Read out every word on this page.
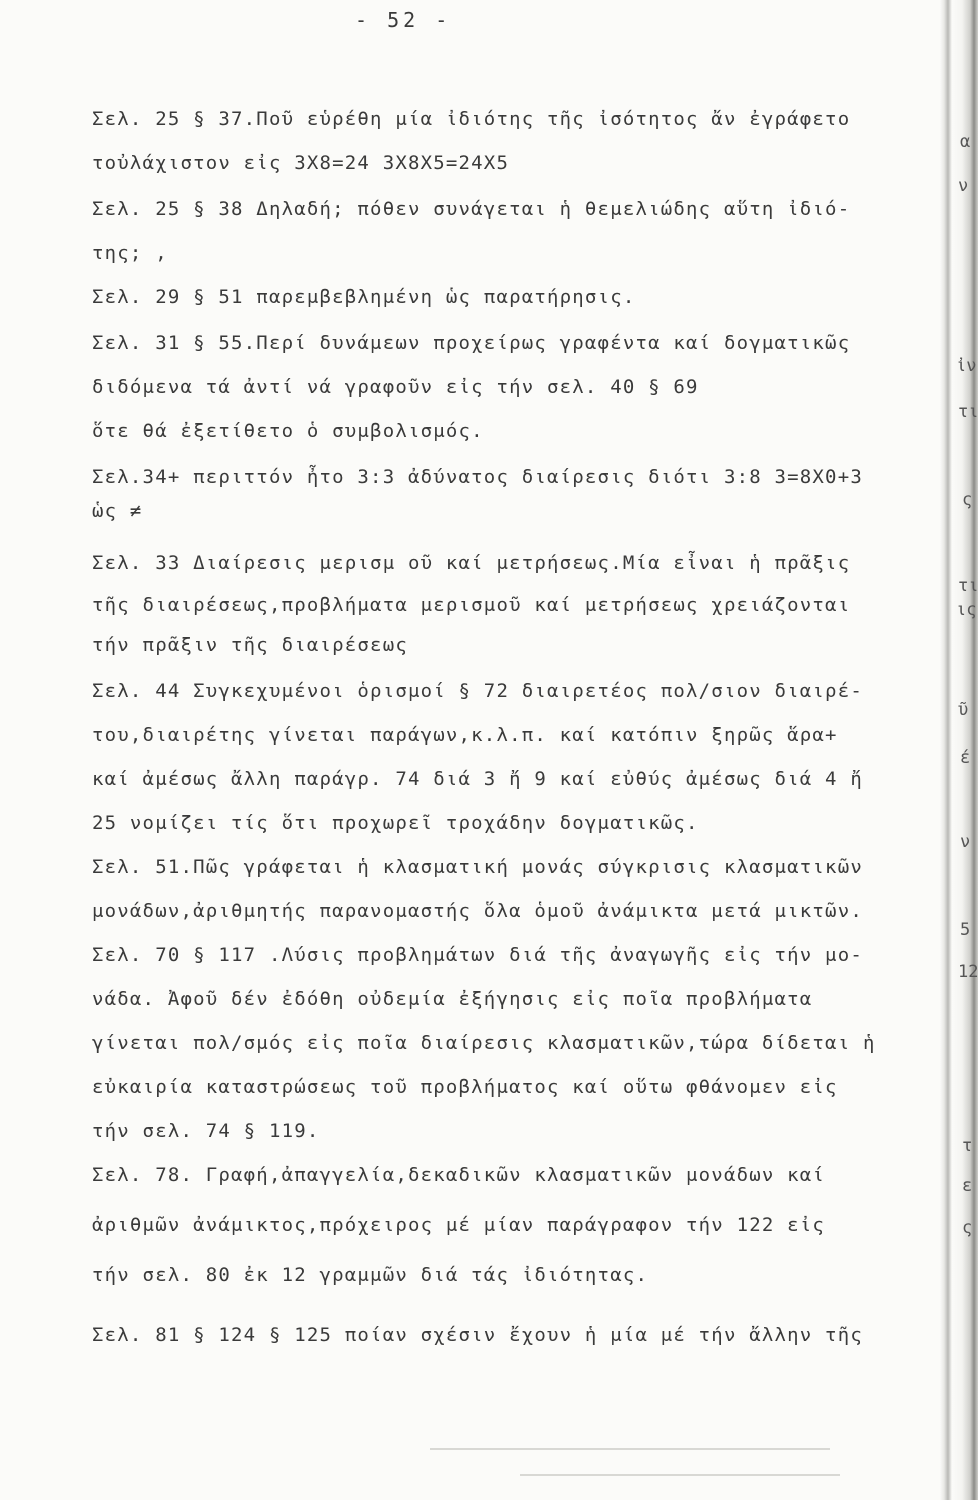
- 52 -
Σελ. 25 § 37.Ποῦ εὑρέθη μία ἰδιότης τῆς ἰσότητος ἄν ἐγράφετο
τοὐλάχιστον εἰς 3Χ8=24 3Χ8Χ5=24Χ5
Σελ. 25 § 38 Δηλαδή; πόθεν συνάγεται ἡ θεμελιώδης αὕτη ἰδιό-
της; ,
Σελ. 29 § 51 παρεμβεβλημένη ὡς παρατήρησις.
Σελ. 31 § 55.Περί δυνάμεων προχείρως γραφέντα καί δογματικῶς
διδόμενα τά ἀντί νά γραφοῦν εἰς τήν σελ. 40 § 69
ὅτε θά ἐξετίθετο ὁ συμβολισμός.
Σελ.34+ περιττόν ἦτο 3:3 ἀδύνατος διαίρεσις διότι 3:8 3=8Χ0+3
ὡς ≠
Σελ. 33 Διαίρεσις μερισμ οῦ καί μετρήσεως.Μία εἶναι ἡ πρᾶξις
τῆς διαιρέσεως,προβλήματα μερισμοῦ καί μετρήσεως χρειάζονται
τήν πρᾶξιν τῆς διαιρέσεως
Σελ. 44 Συγκεχυμένοι ὁρισμοί § 72 διαιρετέος πολ/σιον διαιρέ-
του,διαιρέτης γίνεται παράγων,κ.λ.π. καί κατόπιν ξηρῶς ἅρα+
καί ἀμέσως ἄλλη παράγρ. 74 διά 3 ἤ 9 καί εὐθύς ἀμέσως διά 4 ἤ
25 νομίζει τίς ὅτι προχωρεῖ τροχάδην δογματικῶς.
Σελ. 51.Πῶς γράφεται ἡ κλασματική μονάς σύγκρισις κλασματικῶν
μονάδων,ἀριθμητής παρανομαστής ὅλα ὁμοῦ ἀνάμικτα μετά μικτῶν.
Σελ. 70 § 117 .Λύσις προβλημάτων διά τῆς ἀναγωγῆς εἰς τήν μο-
νάδα. Ἀφοῦ δέν ἐδόθη οὐδεμία ἐξήγησις εἰς ποῖα προβλήματα
γίνεται πολ/σμός εἰς ποῖα διαίρεσις κλασματικῶν,τώρα δίδεται ἡ
εὐκαιρία καταστρώσεως τοῦ προβλήματος καί οὕτω φθάνομεν εἰς
τήν σελ. 74 § 119.
Σελ. 78. Γραφή,ἀπαγγελία,δεκαδικῶν κλασματικῶν μονάδων καί
ἀριθμῶν ἀνάμικτος,πρόχειρος μέ μίαν παράγραφον τήν 122 εἰς
τήν σελ. 80 ἐκ 12 γραμμῶν διά τάς ἰδιότητας.
Σελ. 81 § 124 § 125 ποίαν σχέσιν ἔχουν ἡ μία μέ τήν ἄλλην τῆς
α
ν
ἰν
τι
ς
τι
ις
ῦ
έ
ν
5
12
τ
ε
ς
